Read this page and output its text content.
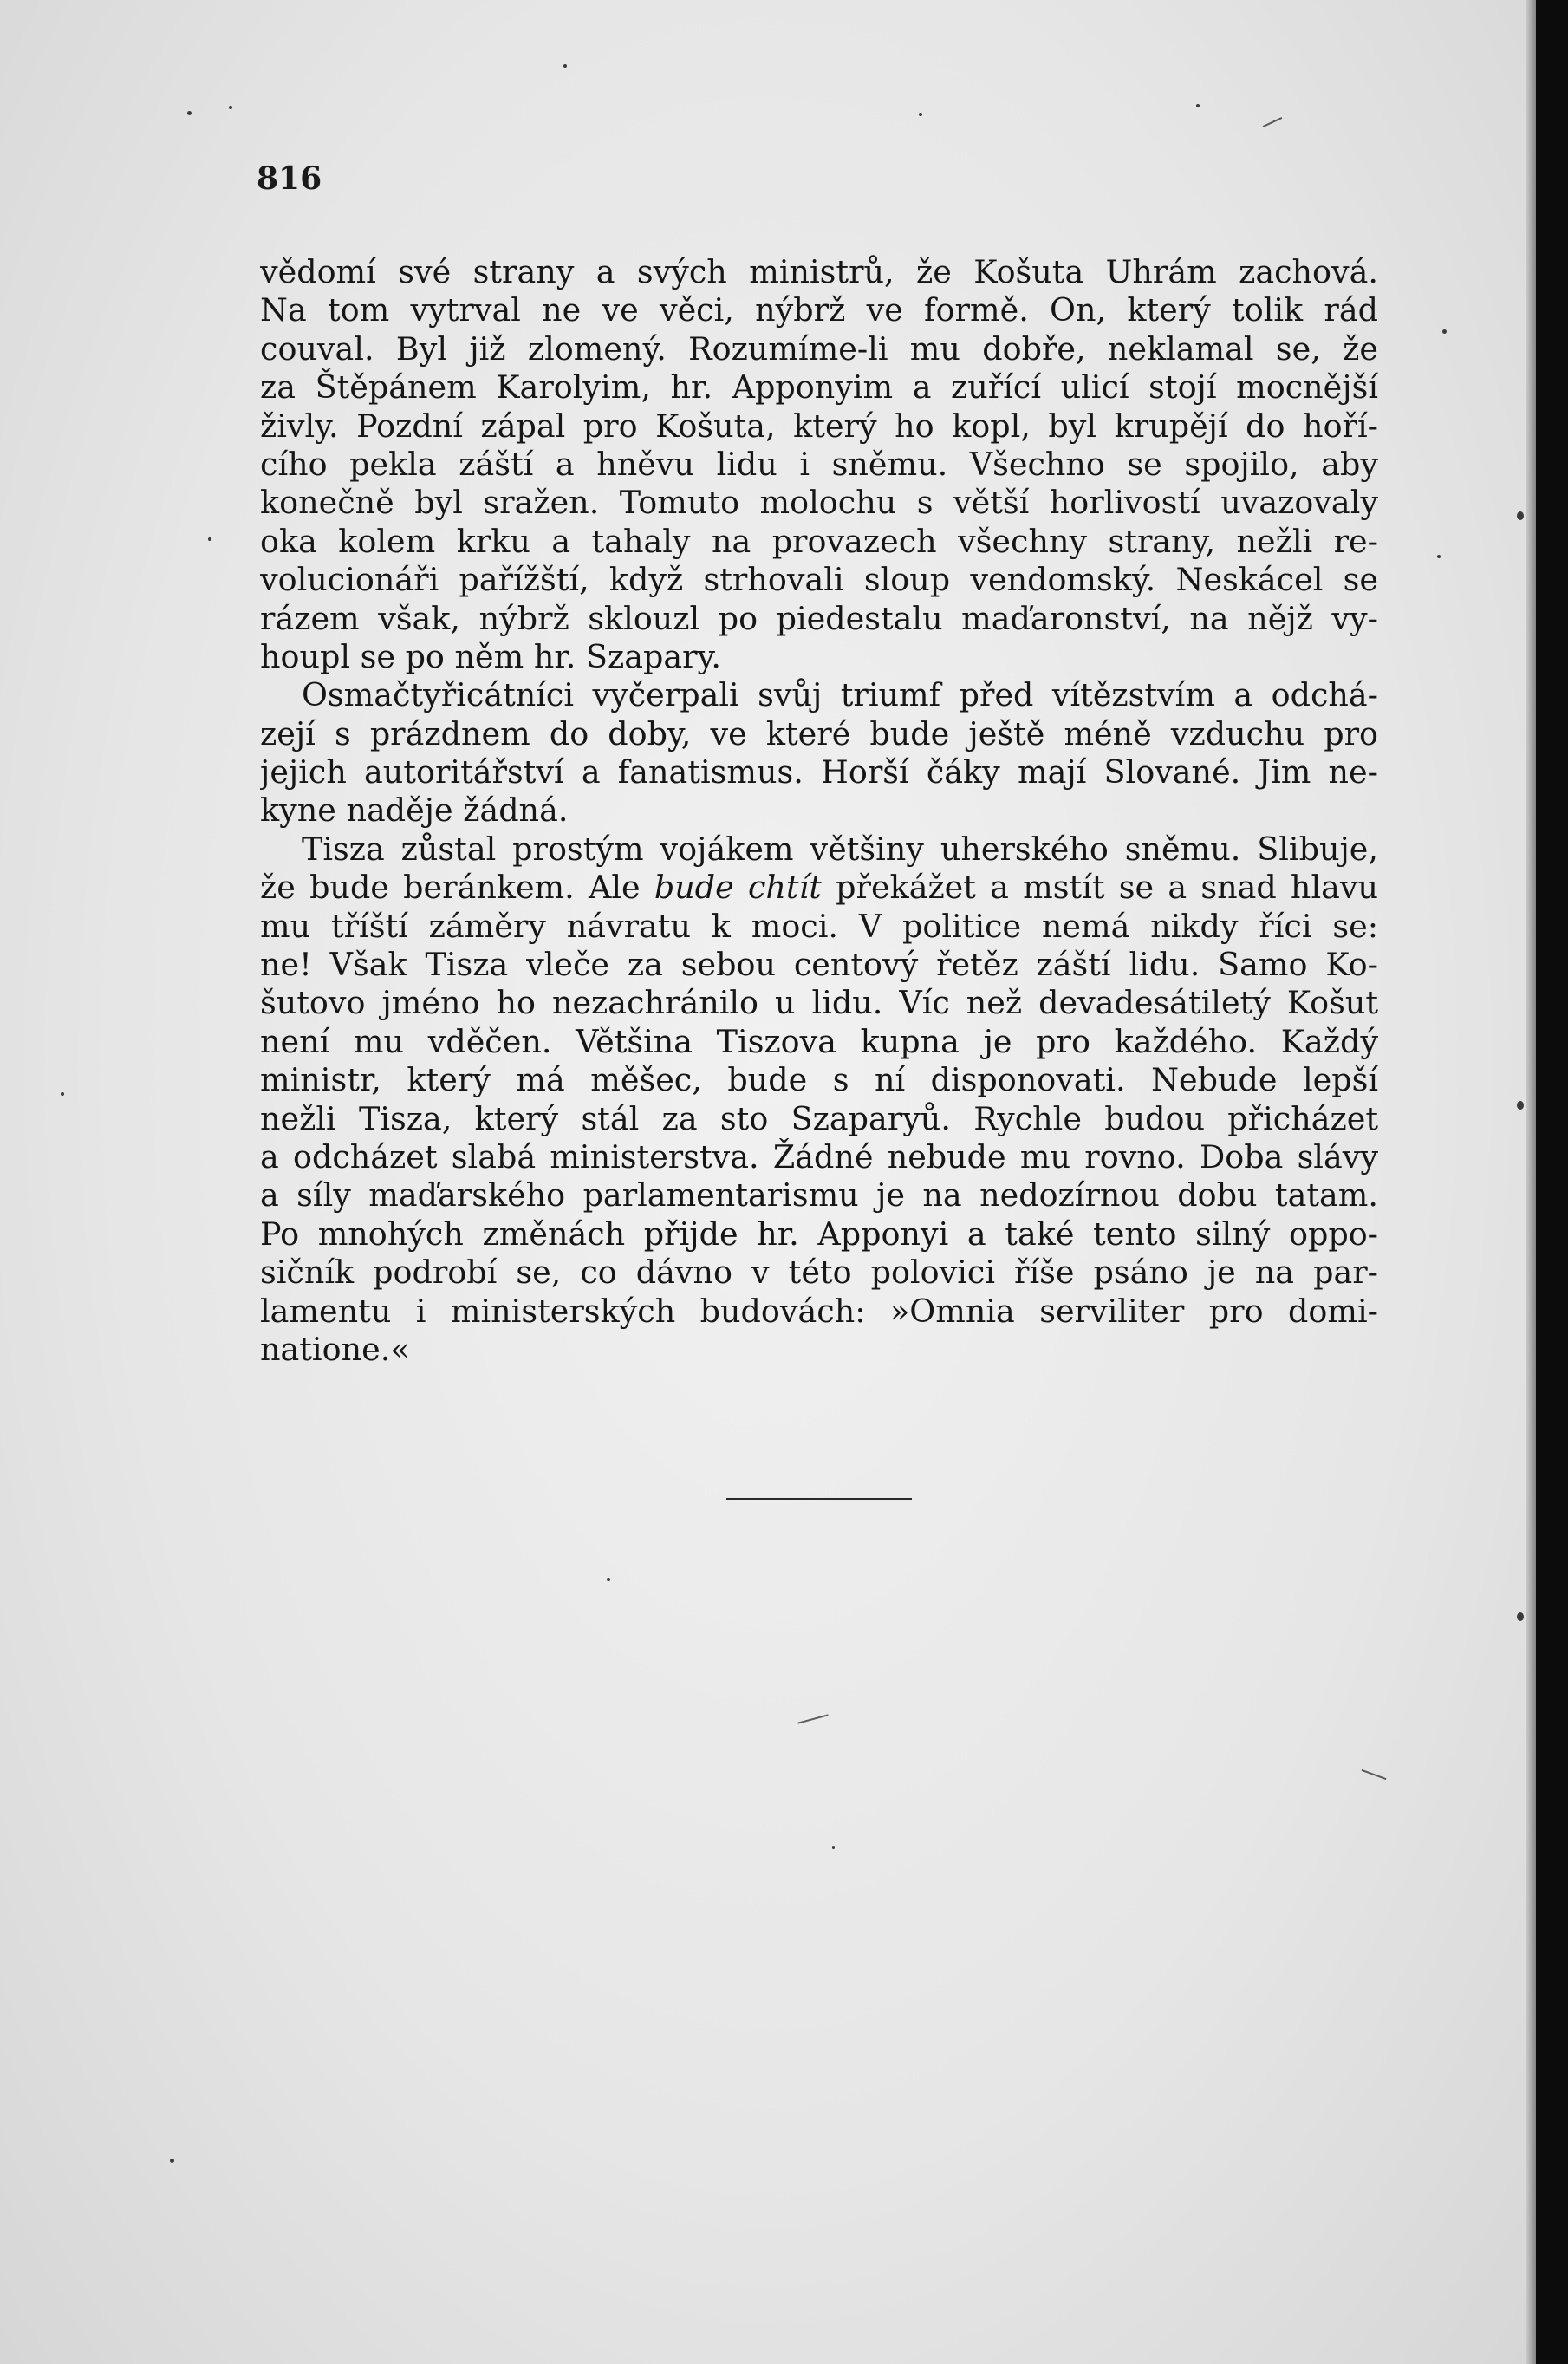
816
vědomí své strany a svých ministrů, že Košuta Uhrám zachová.
Na tom vytrval ne ve věci, nýbrž ve formě. On, který tolik rád
couval. Byl již zlomený. Rozumíme-li mu dobře, neklamal se, že
za Štěpánem Karolyim, hr. Apponyim a zuřící ulicí stojí mocnější
živly. Pozdní zápal pro Košuta, který ho kopl, byl krupějí do hoří-
cího pekla záští a hněvu lidu i sněmu. Všechno se spojilo, aby
konečně byl sražen. Tomuto molochu s větší horlivostí uvazovaly
oka kolem krku a tahaly na provazech všechny strany, nežli re-
volucionáři pařížští, když strhovali sloup vendomský. Neskácel se
rázem však, nýbrž sklouzl po piedestalu maďaronství, na nějž vy-
houpl se po něm hr. Szapary.
Osmačtyřicátníci vyčerpali svůj triumf před vítězstvím a odchá-
zejí s prázdnem do doby, ve které bude ještě méně vzduchu pro
jejich autoritářství a fanatismus. Horší čáky mají Slované. Jim ne-
kyne naděje žádná.
Tisza zůstal prostým vojákem většiny uherského sněmu. Slibuje,
že bude beránkem. Ale bude chtít překážet a mstít se a snad hlavu
mu tříští záměry návratu k moci. V politice nemá nikdy říci se:
ne! Však Tisza vleče za sebou centový řetěz záští lidu. Samo Ko-
šutovo jméno ho nezachránilo u lidu. Víc než devadesátiletý Košut
není mu vděčen. Většina Tiszova kupna je pro každého. Každý
ministr, který má měšec, bude s ní disponovati. Nebude lepší
nežli Tisza, který stál za sto Szaparyů. Rychle budou přicházet
a odcházet slabá ministerstva. Žádné nebude mu rovno. Doba slávy
a síly maďarského parlamentarismu je na nedozírnou dobu tatam.
Po mnohých změnách přijde hr. Apponyi a také tento silný oppo-
sičník podrobí se, co dávno v této polovici říše psáno je na par-
lamentu i ministerských budovách: »Omnia serviliter pro domi-
natione.«
